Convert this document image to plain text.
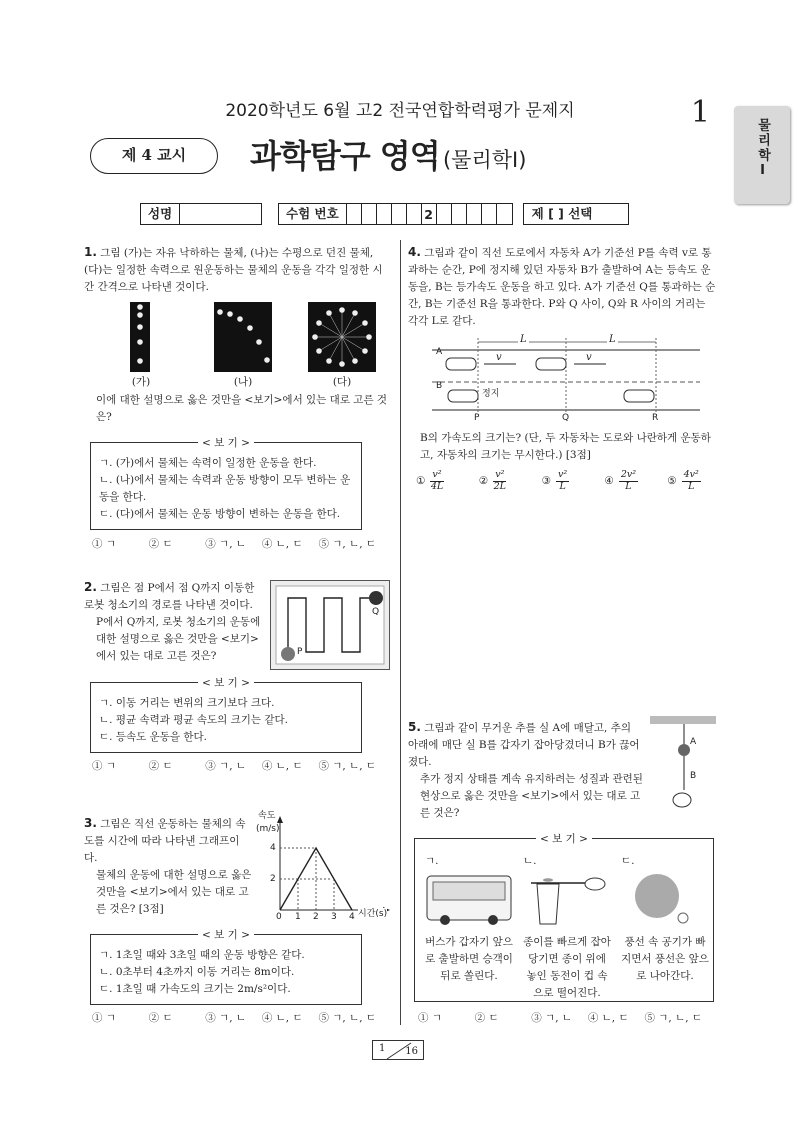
2020학년도 6월 고2 전국연합학력평가 문제지	1
물리학Ⅰ
제 4 교시	과학탐구 영역 (물리학Ⅰ)
성명	수험 번호	2	제 [ ] 선택
1. 그림 (가)는 자유 낙하하는 물체, (나)는 수평으로 던진 물체, (다)는 일정한 속력으로 원운동하는 물체의 운동을 각각 일정한 시간 간격으로 나타낸 것이다.
(가)	(나)	(다)
이에 대한 설명으로 옳은 것만을 <보기>에서 있는 대로 고른 것은?
< 보 기 >
ㄱ. (가)에서 물체는 속력이 일정한 운동을 한다.
ㄴ. (나)에서 물체는 속력과 운동 방향이 모두 변하는 운동을 한다.
ㄷ. (다)에서 물체는 운동 방향이 변하는 운동을 한다.
① ㄱ	② ㄷ	③ ㄱ, ㄴ	④ ㄴ, ㄷ	⑤ ㄱ, ㄴ, ㄷ
2. 그림은 점 P에서 점 Q까지 이동한 로봇 청소기의 경로를 나타낸 것이다.
P에서 Q까지, 로봇 청소기의 운동에 대한 설명으로 옳은 것만을 <보기>에서 있는 대로 고른 것은?	P
Q
< 보 기 >
ㄱ. 이동 거리는 변위의 크기보다 크다.
ㄴ. 평균 속력과 평균 속도의 크기는 같다.
ㄷ. 등속도 운동을 한다.
① ㄱ	② ㄷ	③ ㄱ, ㄴ	④ ㄴ, ㄷ	⑤ ㄱ, ㄴ, ㄷ
3. 그림은 직선 운동하는 물체의 속도를 시간에 따라 나타낸 그래프이다.
물체의 운동에 대한 설명으로 옳은 것만을 <보기>에서 있는 대로 고른 것은? [3점]
속도
(m/s)
4
2
0 1 2 3 4 시간(s)
< 보 기 >
ㄱ. 1초일 때와 3초일 때의 운동 방향은 같다.
ㄴ. 0초부터 4초까지 이동 거리는 8m이다.
ㄷ. 1초일 때 가속도의 크기는 2m/s²이다.
① ㄱ	② ㄷ	③ ㄱ, ㄴ	④ ㄴ, ㄷ	⑤ ㄱ, ㄴ, ㄷ
4. 그림과 같이 직선 도로에서 자동차 A가 기준선 P를 속력 v로 통과하는 순간, P에 정지해 있던 자동차 B가 출발하여 A는 등속도 운동을, B는 등가속도 운동을 하고 있다. A가 기준선 Q를 통과하는 순간, B는 기준선 R을 통과한다. P와 Q 사이, Q와 R 사이의 거리는 각각 L로 같다.
L	L
A
B
v	v
정지
P	Q	R
B의 가속도의 크기는? (단, 두 자동차는 도로와 나란하게 운동하고, 자동차의 크기는 무시한다.) [3점]
① $\frac{\text{v²}}{4L}$	② $\frac{\text{v²}}{2L}$	③ $\frac{\text{v²}}{L}$	④ $\frac{\text{2v²}}{L}$	⑤ $\frac{\text{4v²}}{L}$
5. 그림과 같이 무거운 추를 실 A에 매달고, 추의 아래에 매단 실 B를 갑자기 잡아당겼더니 B가 끊어졌다.
추가 정지 상태를 계속 유지하려는 성질과 관련된 현상으로 옳은 것만을 <보기>에서 있는 대로 고른 것은?
A
B
< 보 기 >
ㄱ.
버스가 갑자기 앞으로 출발하면 승객이 뒤로 쏠린다.
ㄴ.
종이를 빠르게 잡아당기면 종이 위에 놓인 동전이 컵 속으로 떨어진다.
ㄷ.
풍선 속 공기가 빠지면서 풍선은 앞으로 나아간다.
① ㄱ	② ㄷ	③ ㄱ, ㄴ	④ ㄴ, ㄷ	⑤ ㄱ, ㄴ, ㄷ
1 16
